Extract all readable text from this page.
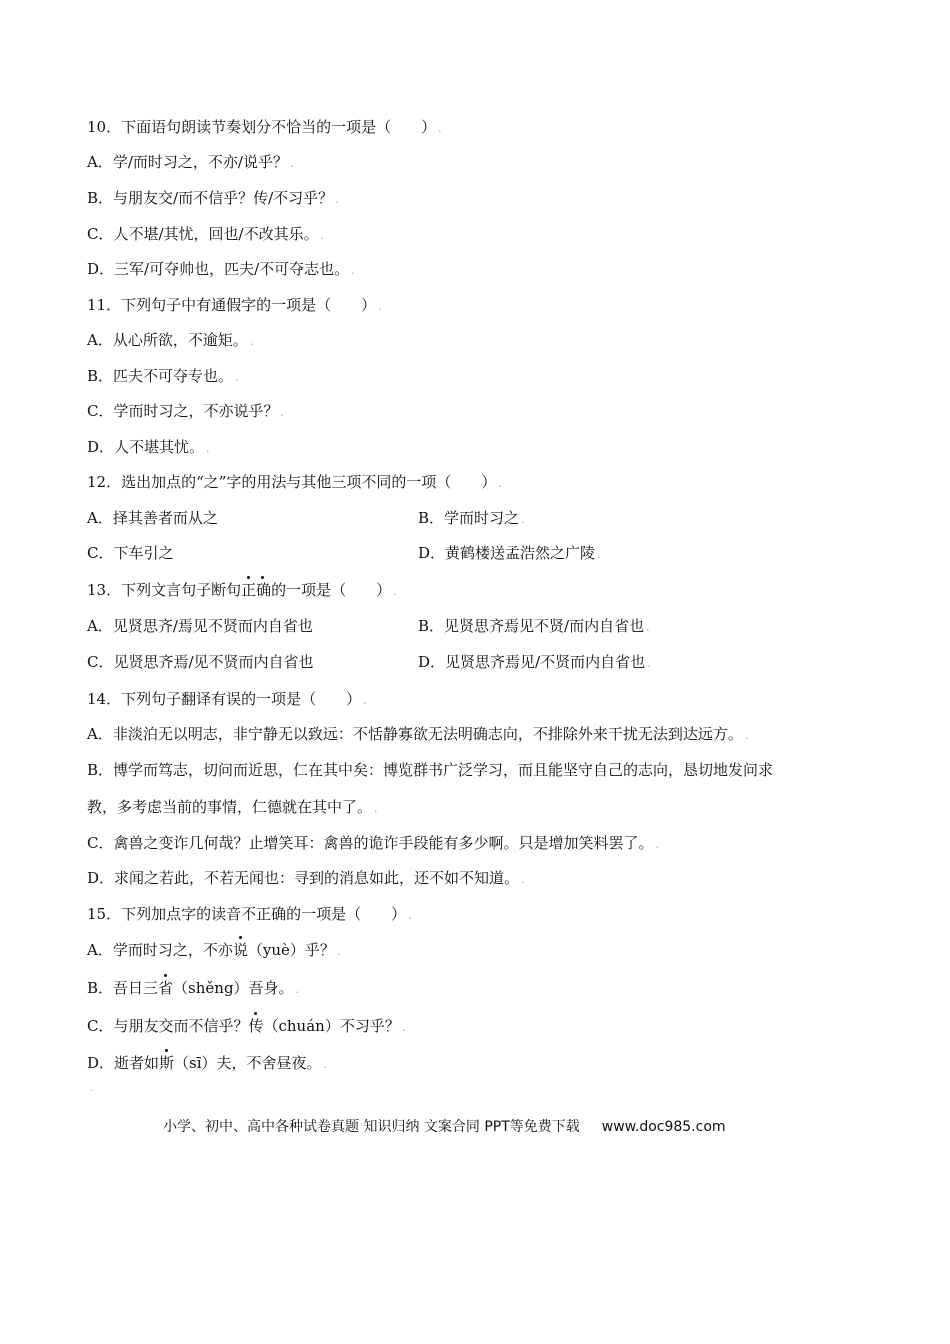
10．下面语句朗读节奏划分不恰当的一项是（　　） .
A．学/而时习之，不亦/说乎？ .
B．与朋友交/而不信乎？传/不习乎？ .
C．人不堪/其忧，回也/不改其乐。 .
D．三军/可夺帅也，匹夫/不可夺志也。 .
11．下列句子中有通假字的一项是（　　） .
A．从心所欲，不逾矩。 .
B．匹夫不可夺专也。 .
C．学而时习之，不亦说乎？ .
D．人不堪其忧。 .
12．选出加点的“之”字的用法与其他三项不同的一项（　　） .
A．择其善者而从之	B．学而时习之 .
C．下车引之	D．黄鹤楼送孟浩然之广陵 .
13．下列文言句子断句正确的一项是（　　） .
A．见贤思齐/焉见不贤而内自省也	B．见贤思齐焉见不贤/而内自省也 .
C．见贤思齐焉/见不贤而内自省也	D．见贤思齐焉见/不贤而内自省也 .
14．下列句子翻译有误的一项是（　　） .
A．非淡泊无以明志，非宁静无以致远：不恬静寡欲无法明确志向，不排除外来干扰无法到达远方。 .
B．博学而笃志，切问而近思，仁在其中矣：博览群书广泛学习，而且能坚守自己的志向，恳切地发问求
教，多考虑当前的事情，仁德就在其中了。 .
C．禽兽之变诈几何哉？止增笑耳：禽兽的诡诈手段能有多少啊。只是增加笑料罢了。 .
D．求闻之若此，不若无闻也：寻到的消息如此，还不如不知道。 .
15．下列加点字的读音不正确的一项是（　　） .
A．学而时习之，不亦说（yuè）乎？ .
B．吾日三省（shěng）吾身。 .
C．与朋友交而不信乎？传（chuán）不习乎？ .
D．逝者如斯（sī）夫，不舍昼夜。 .
.
小学、初中、高中各种试卷真题 知识归纳 文案合同 PPT等免费下载 www.doc985.com
